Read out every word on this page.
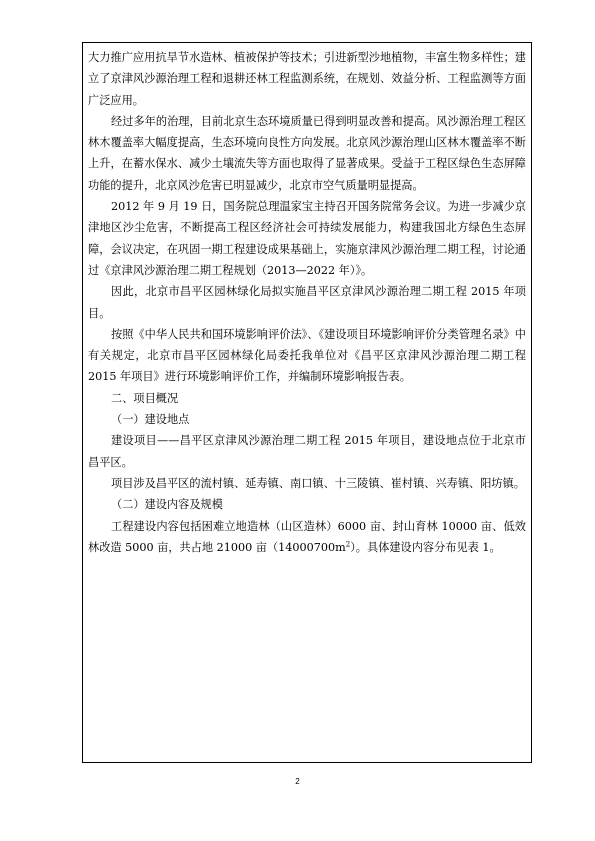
大力推广应用抗旱节水造林、植被保护等技术；引进新型沙地植物，丰富生物多样性；建立了京津风沙源治理工程和退耕还林工程监测系统，在规划、效益分析、工程监测等方面广泛应用。

经过多年的治理，目前北京生态环境质量已得到明显改善和提高。风沙源治理工程区林木覆盖率大幅度提高，生态环境向良性方向发展。北京风沙源治理山区林木覆盖率不断上升，在蓄水保水、减少土壤流失等方面也取得了显著成果。受益于工程区绿色生态屏障功能的提升，北京风沙危害已明显减少，北京市空气质量明显提高。

2012 年 9 月 19 日，国务院总理温家宝主持召开国务院常务会议。为进一步减少京津地区沙尘危害，不断提高工程区经济社会可持续发展能力，构建我国北方绿色生态屏障，会议决定，在巩固一期工程建设成果基础上，实施京津风沙源治理二期工程，讨论通过《京津风沙源治理二期工程规划（2013—2022 年）》。

因此，北京市昌平区园林绿化局拟实施昌平区京津风沙源治理二期工程 2015 年项目。

按照《中华人民共和国环境影响评价法》、《建设项目环境影响评价分类管理名录》中有关规定，北京市昌平区园林绿化局委托我单位对《昌平区京津风沙源治理二期工程 2015 年项目》进行环境影响评价工作，并编制环境影响报告表。

二、项目概况

（一）建设地点

建设项目——昌平区京津风沙源治理二期工程 2015 年项目，建设地点位于北京市昌平区。

项目涉及昌平区的流村镇、延寿镇、南口镇、十三陵镇、崔村镇、兴寿镇、阳坊镇。

（二）建设内容及规模

工程建设内容包括困难立地造林（山区造林）6000 亩、封山育林 10000 亩、低效林改造 5000 亩，共占地 21000 亩$(14000700m^2)$。具体建设内容分布见表 1。

2
